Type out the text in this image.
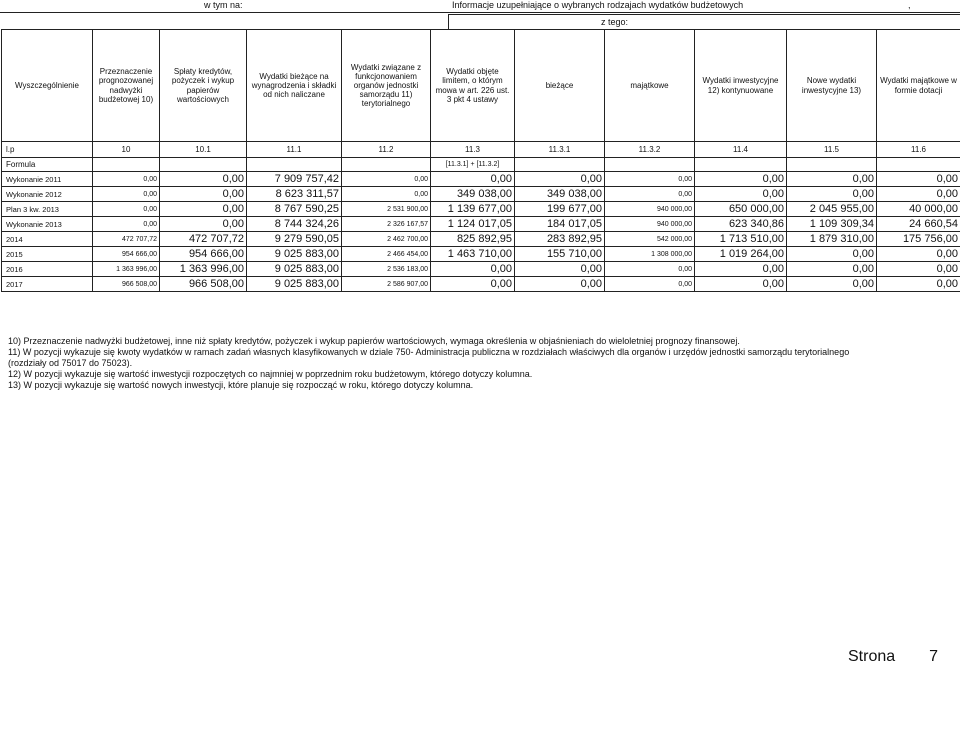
w tym na:	Informacje uzupełniające o wybranych rodzajach wydatków budżetowych	,
z tego:
Wyszczególnienie	Przeznaczenie prognozowanej nadwyżki budżetowej 10)	Spłaty kredytów, pożyczek i wykup papierów wartościowych	Wydatki bieżące na wynagrodzenia i składki od nich naliczane	Wydatki związane z funkcjonowaniem organów jednostki samorządu 11) terytorialnego	Wydatki objęte limitem, o którym mowa w art. 226 ust. 3 pkt 4 ustawy	bieżące	majątkowe	Wydatki inwestycyjne 12) kontynuowane	Nowe wydatki inwestycyjne 13)	Wydatki majątkowe w formie dotacji
l.p	10	10.1	11.1	11.2	11.3	11.3.1	11.3.2	11.4	11.5	11.6
Formula					[11.3.1] + [11.3.2]					
Wykonanie 2011	0,00	0,00	7 909 757,42	0,00	0,00	0,00	0,00	0,00	0,00	0,00
Wykonanie 2012	0,00	0,00	8 623 311,57	0,00	349 038,00	349 038,00	0,00	0,00	0,00	0,00
Plan 3 kw. 2013	0,00	0,00	8 767 590,25	2 531 900,00	1 139 677,00	199 677,00	940 000,00	650 000,00	2 045 955,00	40 000,00
Wykonanie 2013	0,00	0,00	8 744 324,26	2 326 167,57	1 124 017,05	184 017,05	940 000,00	623 340,86	1 109 309,34	24 660,54
2014	472 707,72	472 707,72	9 279 590,05	2 462 700,00	825 892,95	283 892,95	542 000,00	1 713 510,00	1 879 310,00	175 756,00
2015	954 666,00	954 666,00	9 025 883,00	2 466 454,00	1 463 710,00	155 710,00	1 308 000,00	1 019 264,00	0,00	0,00
2016	1 363 996,00	1 363 996,00	9 025 883,00	2 536 183,00	0,00	0,00	0,00	0,00	0,00	0,00
2017	966 508,00	966 508,00	9 025 883,00	2 586 907,00	0,00	0,00	0,00	0,00	0,00	0,00
10) Przeznaczenie nadwyżki budżetowej, inne niż spłaty kredytów, pożyczek i wykup papierów wartościowych, wymaga określenia w objaśnieniach do wieloletniej prognozy finansowej.
11) W pozycji wykazuje się kwoty wydatków w ramach zadań własnych klasyfikowanych w dziale 750- Administracja publiczna w rozdziałach właściwych dla organów i urzędów jednostki samorządu terytorialnego
(rozdziały od 75017 do 75023).
12) W pozycji wykazuje się wartość inwestycji rozpoczętych co najmniej w poprzednim roku budżetowym, którego dotyczy kolumna.
13) W pozycji wykazuje się wartość nowych inwestycji, które planuje się rozpocząć w roku, którego dotyczy kolumna.
Strona 7
